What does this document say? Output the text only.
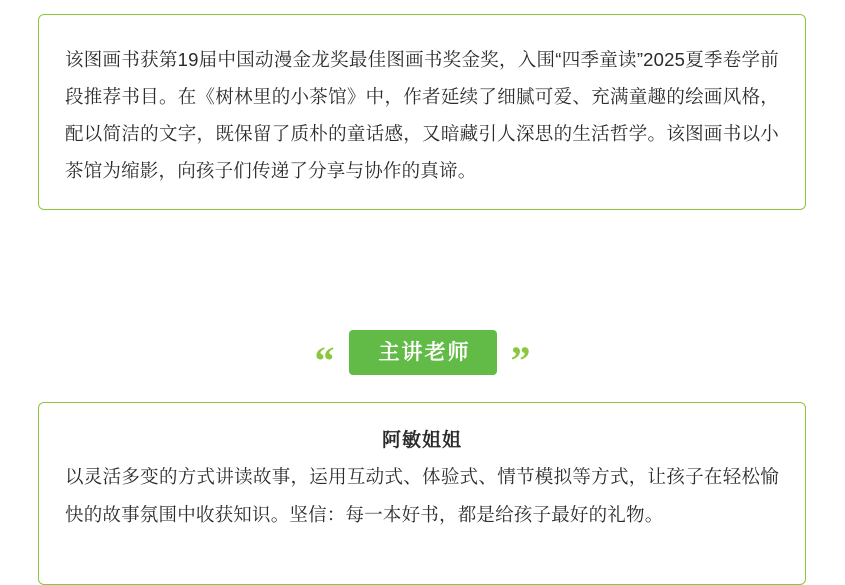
该图画书获第19届中国动漫金龙奖最佳图画书奖金奖，入围“四季童读”2025夏季卷学前段推荐书目。在《树林里的小茶馆》中，作者延续了细腻可爱、充满童趣的绘画风格，配以简洁的文字，既保留了质朴的童话感，又暗藏引人深思的生活哲学。该图画书以小茶馆为缩影，向孩子们传递了分享与协作的真谛。

“	主讲老师	”

阿敏姐姐

以灵活多变的方式讲读故事，运用互动式、体验式、情节模拟等方式，让孩子在轻松愉快的故事氛围中收获知识。坚信：每一本好书，都是给孩子最好的礼物。
